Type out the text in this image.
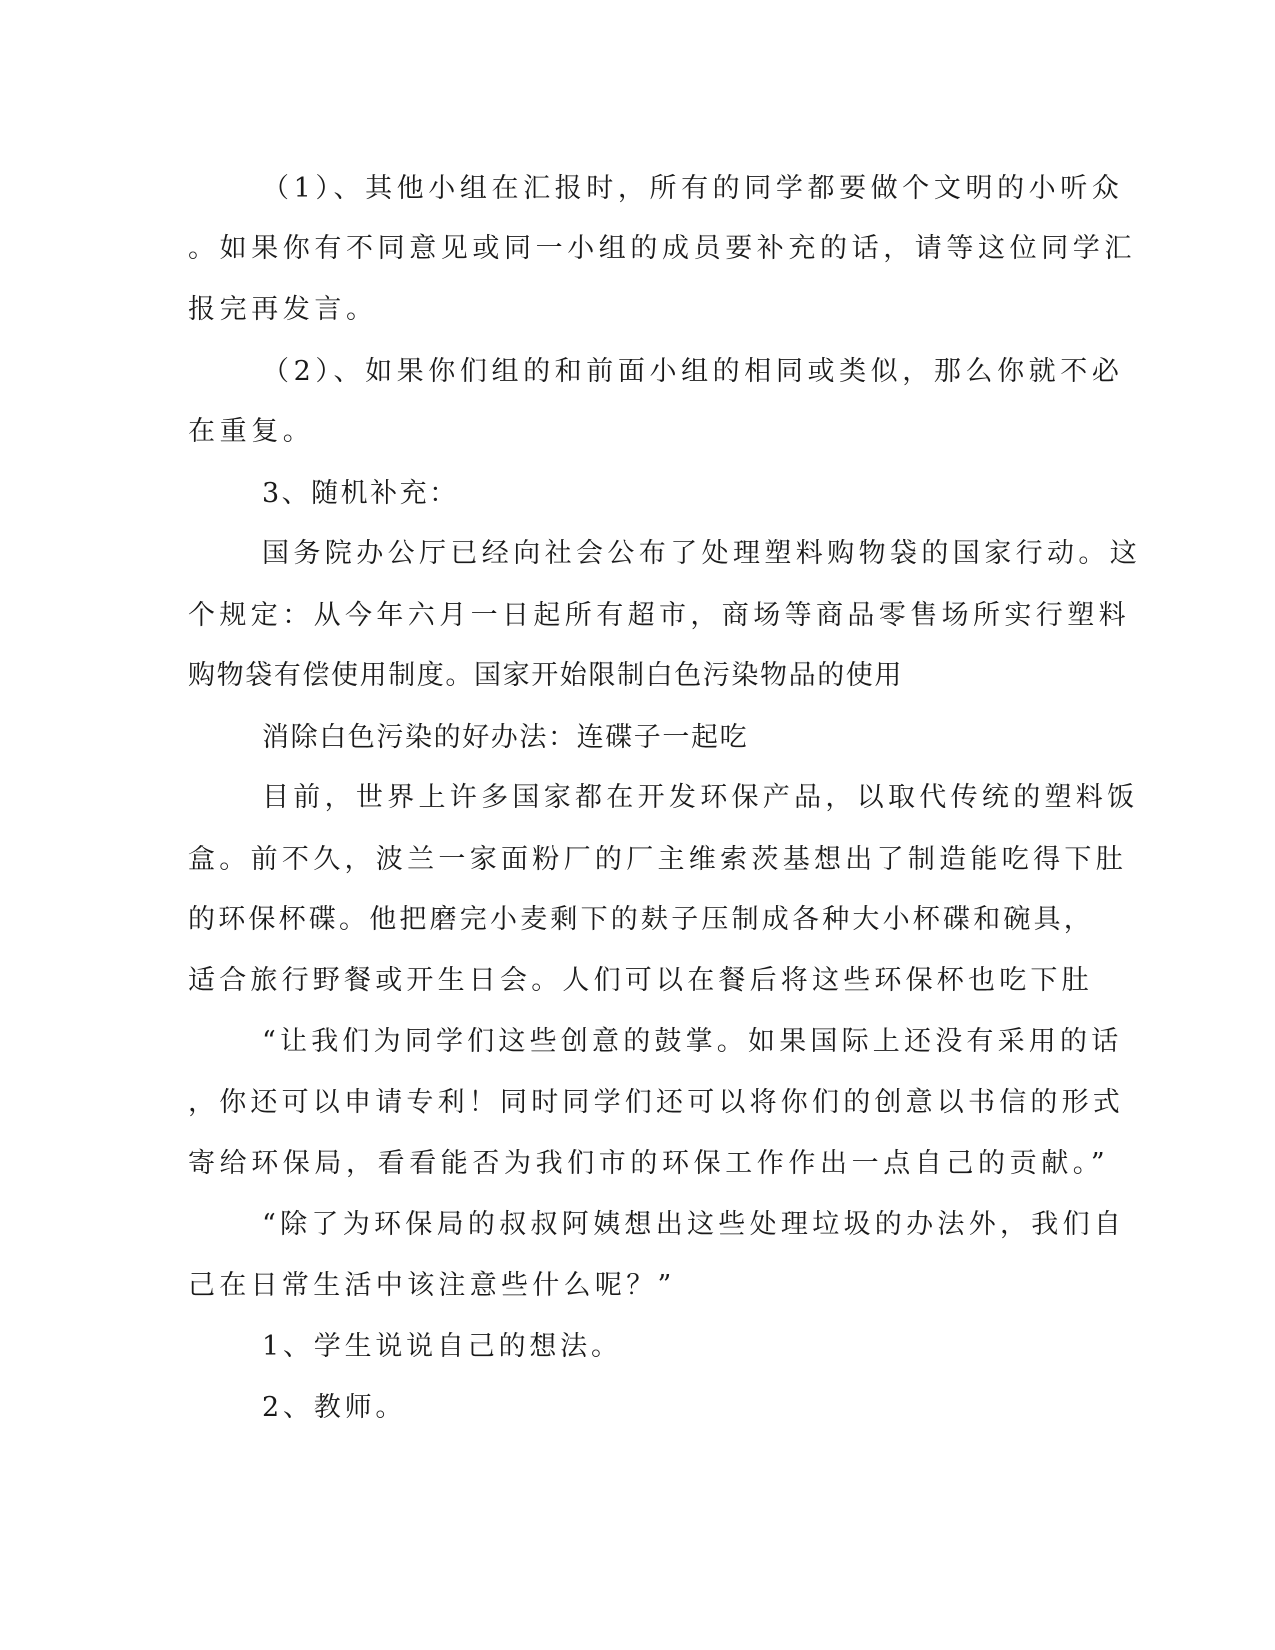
（1）、其他小组在汇报时，所有的同学都要做个文明的小听众
。如果你有不同意见或同一小组的成员要补充的话，请等这位同学汇
报完再发言。
（2）、如果你们组的和前面小组的相同或类似，那么你就不必
在重复。
3、随机补充：
国务院办公厅已经向社会公布了处理塑料购物袋的国家行动。这
个规定：从今年六月一日起所有超市，商场等商品零售场所实行塑料
购物袋有偿使用制度。国家开始限制白色污染物品的使用
消除白色污染的好办法：连碟子一起吃
目前，世界上许多国家都在开发环保产品，以取代传统的塑料饭
盒。前不久，波兰一家面粉厂的厂主维索茨基想出了制造能吃得下肚
的环保杯碟。他把磨完小麦剩下的麸子压制成各种大小杯碟和碗具，
适合旅行野餐或开生日会。人们可以在餐后将这些环保杯也吃下肚
“让我们为同学们这些创意的鼓掌。如果国际上还没有采用的话
，你还可以申请专利！同时同学们还可以将你们的创意以书信的形式
寄给环保局，看看能否为我们市的环保工作作出一点自己的贡献。”
“除了为环保局的叔叔阿姨想出这些处理垃圾的办法外，我们自
己在日常生活中该注意些什么呢？”
1、学生说说自己的想法。
2、教师。
